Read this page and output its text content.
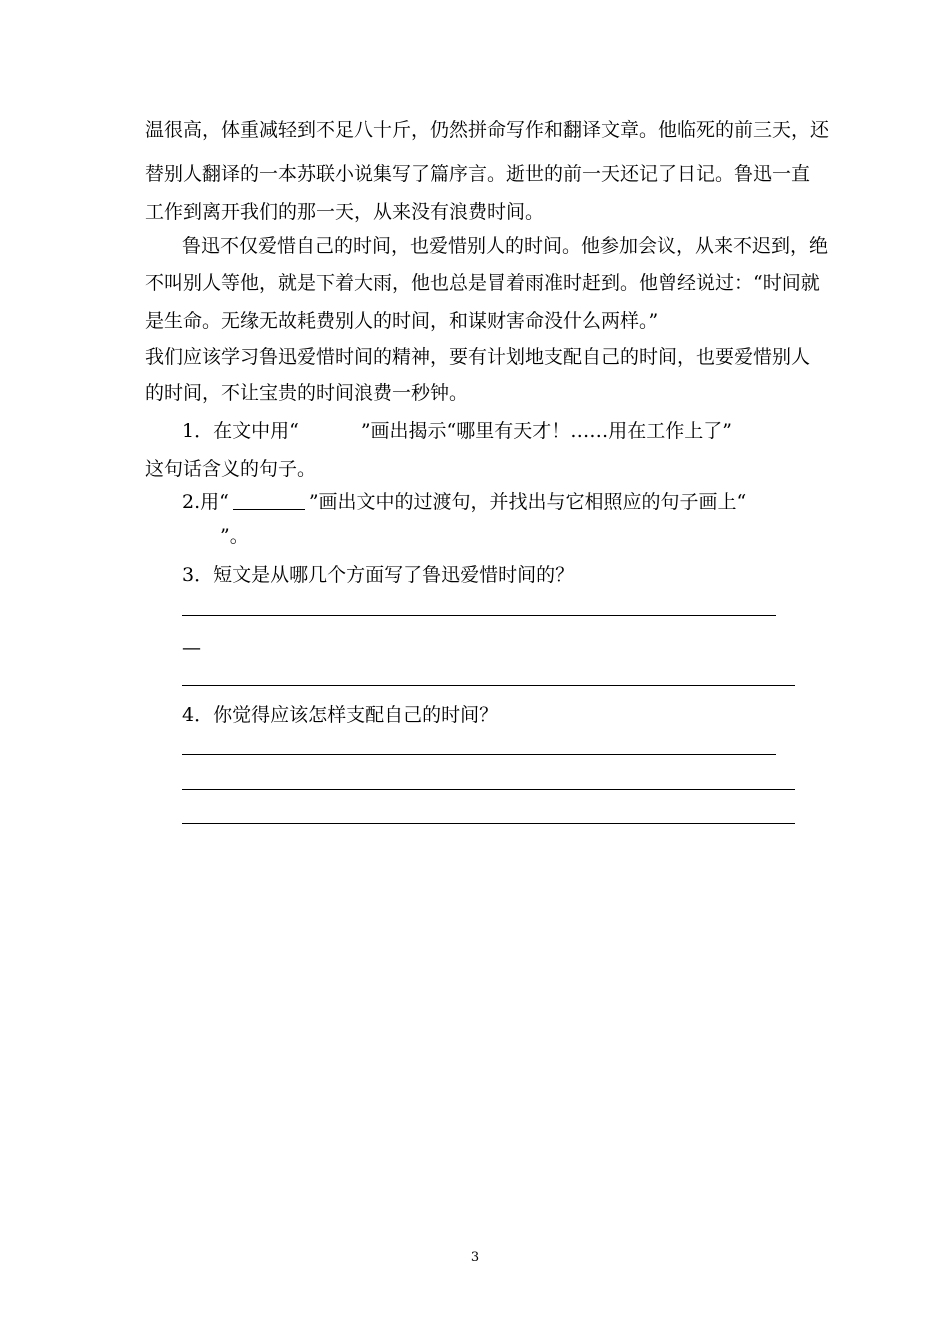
温很高，体重减轻到不足八十斤，仍然拼命写作和翻译文章。他临死的前三天，还
替别人翻译的一本苏联小说集写了篇序言。逝世的前一天还记了日记。鲁迅一直
工作到离开我们的那一天，从来没有浪费时间。
鲁迅不仅爱惜自己的时间，也爱惜别人的时间。他参加会议，从来不迟到，绝
不叫别人等他，就是下着大雨，他也总是冒着雨准时赶到。他曾经说过：“时间就
是生命。无缘无故耗费别人的时间，和谋财害命没什么两样。”
我们应该学习鲁迅爱惜时间的精神，要有计划地支配自己的时间，也要爱惜别人
的时间，不让宝贵的时间浪费一秒钟。
1．在文中用“	”画出揭示“哪里有天才！……用在工作上了”
这句话含义的句子。
2.用“	”画出文中的过渡句，并找出与它相照应的句子画上“
”。
3．短文是从哪几个方面写了鲁迅爱惜时间的？
—
4．你觉得应该怎样支配自己的时间？
3
